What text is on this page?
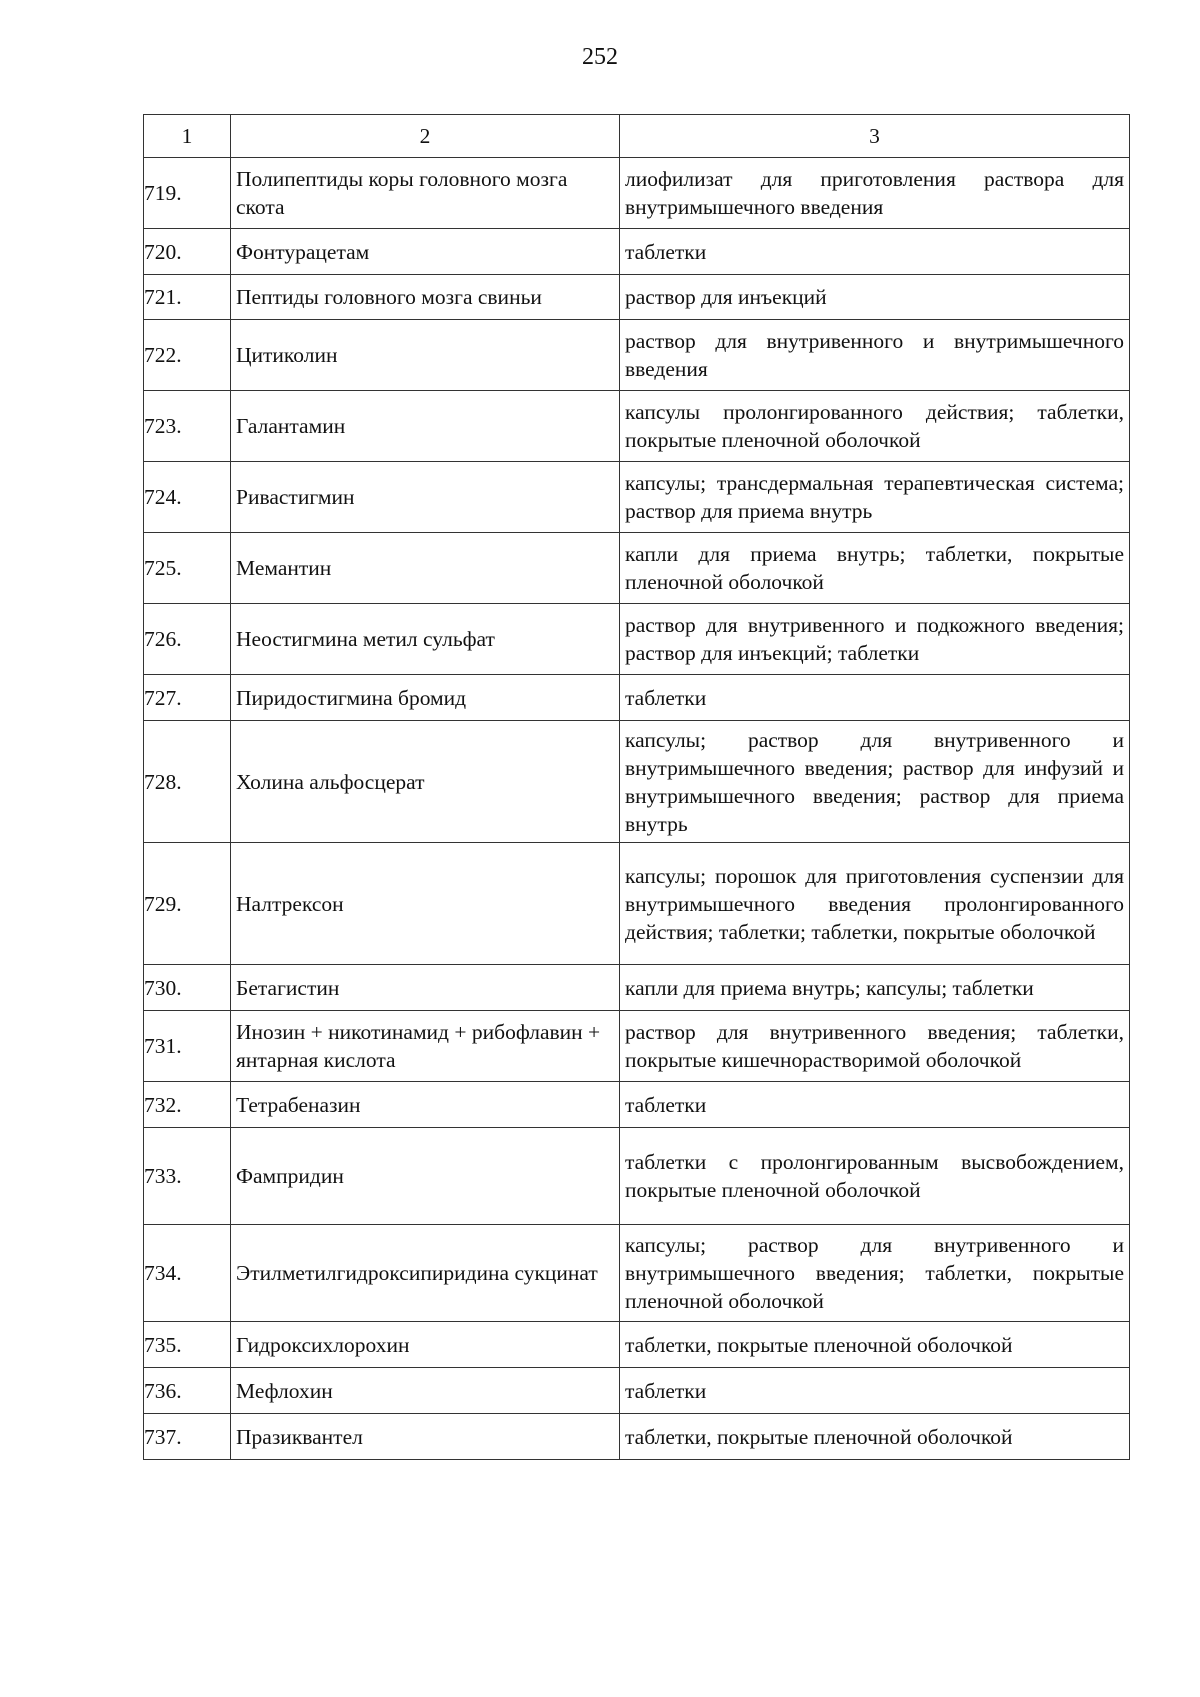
252
1	2	3
719.	Полипептиды коры головного мозга скота	лиофилизат для приготовления раствора для внутримышечного введения
720.	Фонтурацетам	таблетки
721.	Пептиды головного мозга свиньи	раствор для инъекций
722.	Цитиколин	раствор для внутривенного и внутримышечного введения
723.	Галантамин	капсулы пролонгированного действия; таблетки, покрытые пленочной оболочкой
724.	Ривастигмин	капсулы; трансдермальная терапевтическая система; раствор для приема внутрь
725.	Мемантин	капли для приема внутрь; таблетки, покрытые пленочной оболочкой
726.	Неостигмина метил сульфат	раствор для внутривенного и подкожного введения; раствор для инъекций; таблетки
727.	Пиридостигмина бромид	таблетки
728.	Холина альфосцерат	капсулы; раствор для внутривенного и внутримышечного введения; раствор для инфузий и внутримышечного введения; раствор для приема внутрь
729.	Налтрексон	капсулы; порошок для приготовления суспензии для внутримышечного введения пролонгированного действия; таблетки; таблетки, покрытые оболочкой
730.	Бетагистин	капли для приема внутрь; капсулы; таблетки
731.	Инозин + никотинамид + рибофлавин + янтарная кислота	раствор для внутривенного введения; таблетки, покрытые кишечнорастворимой оболочкой
732.	Тетрабеназин	таблетки
733.	Фампридин	таблетки с пролонгированным высвобождением, покрытые пленочной оболочкой
734.	Этилметилгидроксипиридина сукцинат	капсулы; раствор для внутривенного и внутримышечного введения; таблетки, покрытые пленочной оболочкой
735.	Гидроксихлорохин	таблетки, покрытые пленочной оболочкой
736.	Мефлохин	таблетки
737.	Празиквантел	таблетки, покрытые пленочной оболочкой
